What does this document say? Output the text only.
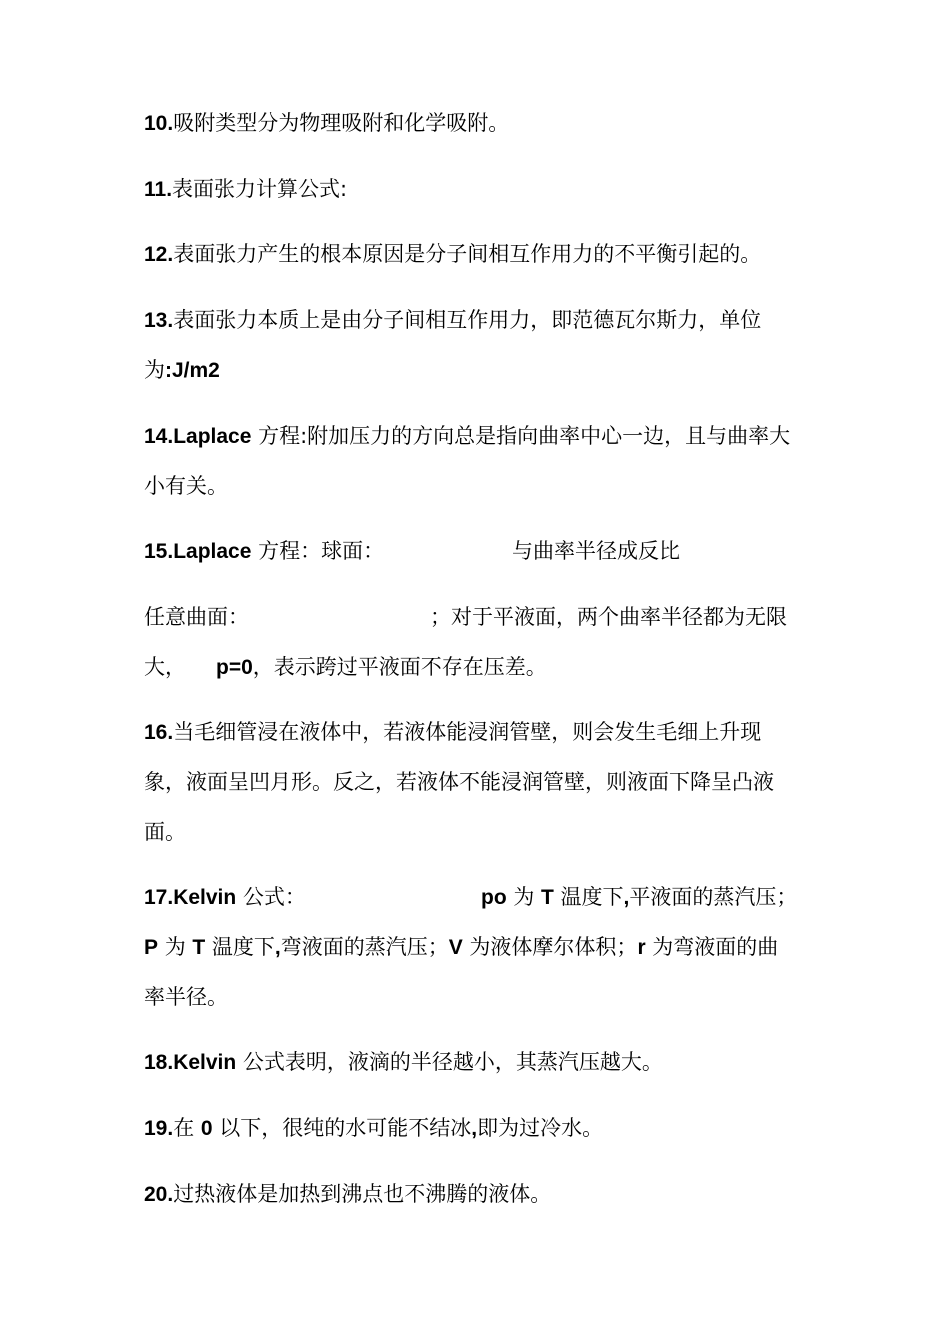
10.吸附类型分为物理吸附和化学吸附。
11.表面张力计算公式:
12.表面张力产生的根本原因是分子间相互作用力的不平衡引起的。
13.表面张力本质上是由分子间相互作用力，即范德瓦尔斯力，单位
为:J/m2
14.Laplace 方程:附加压力的方向总是指向曲率中心一边，且与曲率大
小有关。
15.Laplace 方程：球面：	与曲率半径成反比
任意曲面：	；对于平液面，两个曲率半径都为无限
大， p=0，表示跨过平液面不存在压差。
16.当毛细管浸在液体中，若液体能浸润管壁，则会发生毛细上升现
象，液面呈凹月形。反之，若液体不能浸润管壁，则液面下降呈凸液
面。
17.Kelvin 公式：	po 为 T 温度下,平液面的蒸汽压；
P 为 T 温度下,弯液面的蒸汽压；V 为液体摩尔体积；r 为弯液面的曲
率半径。
18.Kelvin 公式表明，液滴的半径越小，其蒸汽压越大。
19.在 0 以下，很纯的水可能不结冰,即为过冷水。
20.过热液体是加热到沸点也不沸腾的液体。
